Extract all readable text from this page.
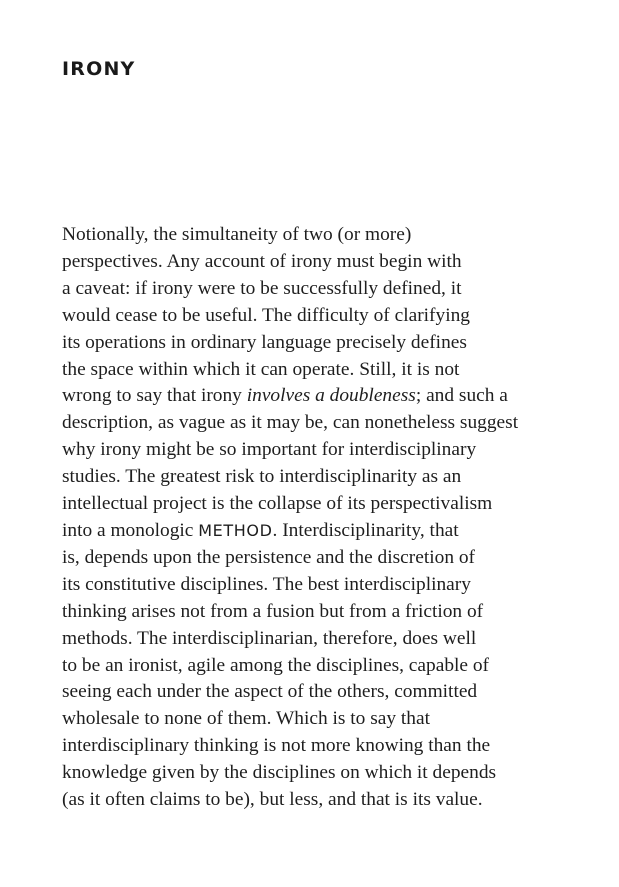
IRONY

Notionally, the simultaneity of two (or more)
perspectives. Any account of irony must begin with
a caveat: if irony were to be successfully defined, it
would cease to be useful. The difficulty of clarifying
its operations in ordinary language precisely defines
the space within which it can operate. Still, it is not
wrong to say that irony involves a doubleness; and such a
description, as vague as it may be, can nonetheless suggest
why irony might be so important for interdisciplinary
studies. The greatest risk to interdisciplinarity as an
intellectual project is the collapse of its perspectivalism
into a monologic METHOD. Interdisciplinarity, that
is, depends upon the persistence and the discretion of
its constitutive disciplines. The best interdisciplinary
thinking arises not from a fusion but from a friction of
methods. The interdisciplinarian, therefore, does well
to be an ironist, agile among the disciplines, capable of
seeing each under the aspect of the others, committed
wholesale to none of them. Which is to say that
interdisciplinary thinking is not more knowing than the
knowledge given by the disciplines on which it depends
(as it often claims to be), but less, and that is its value.
